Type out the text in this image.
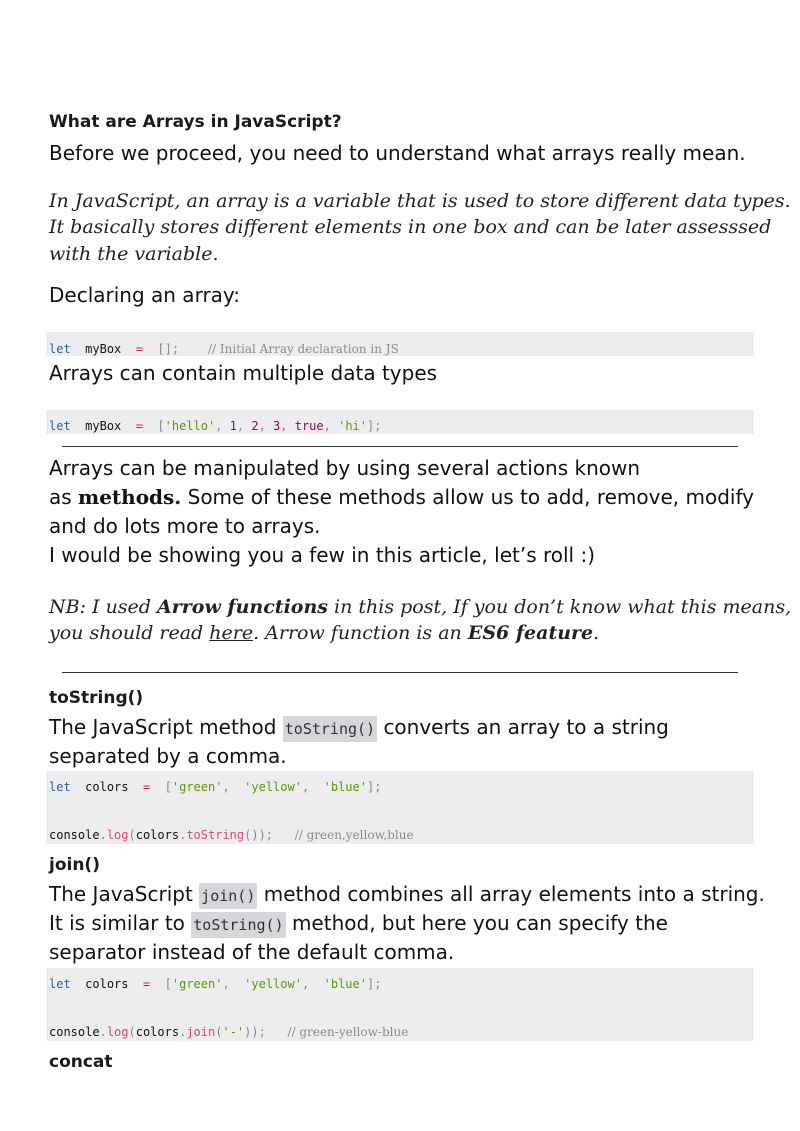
What are Arrays in JavaScript?
Before we proceed, you need to understand what arrays really mean.
In JavaScript, an array is a variable that is used to store different data types.
It basically stores different elements in one box and can be later assesssed
with the variable.
Declaring an array:
let myBox = []; // Initial Array declaration in JS
Arrays can contain multiple data types
let myBox = ['hello', 1, 2, 3, true, 'hi'];
Arrays can be manipulated by using several actions known
as methods. Some of these methods allow us to add, remove, modify
and do lots more to arrays.
I would be showing you a few in this article, let’s roll :)
NB: I used Arrow functions in this post, If you don’t know what this means,
you should read here. Arrow function is an ES6 feature.
toString()
The JavaScript method toString() converts an array to a string
separated by a comma.
let colors = ['green',  'yellow',  'blue'];
console.log(colors.toString()); // green,yellow,blue
join()
The JavaScript join() method combines all array elements into a string.
It is similar to toString() method, but here you can specify the
separator instead of the default comma.
let colors = ['green',  'yellow',  'blue'];
console.log(colors.join('-')); // green-yellow-blue
concat
